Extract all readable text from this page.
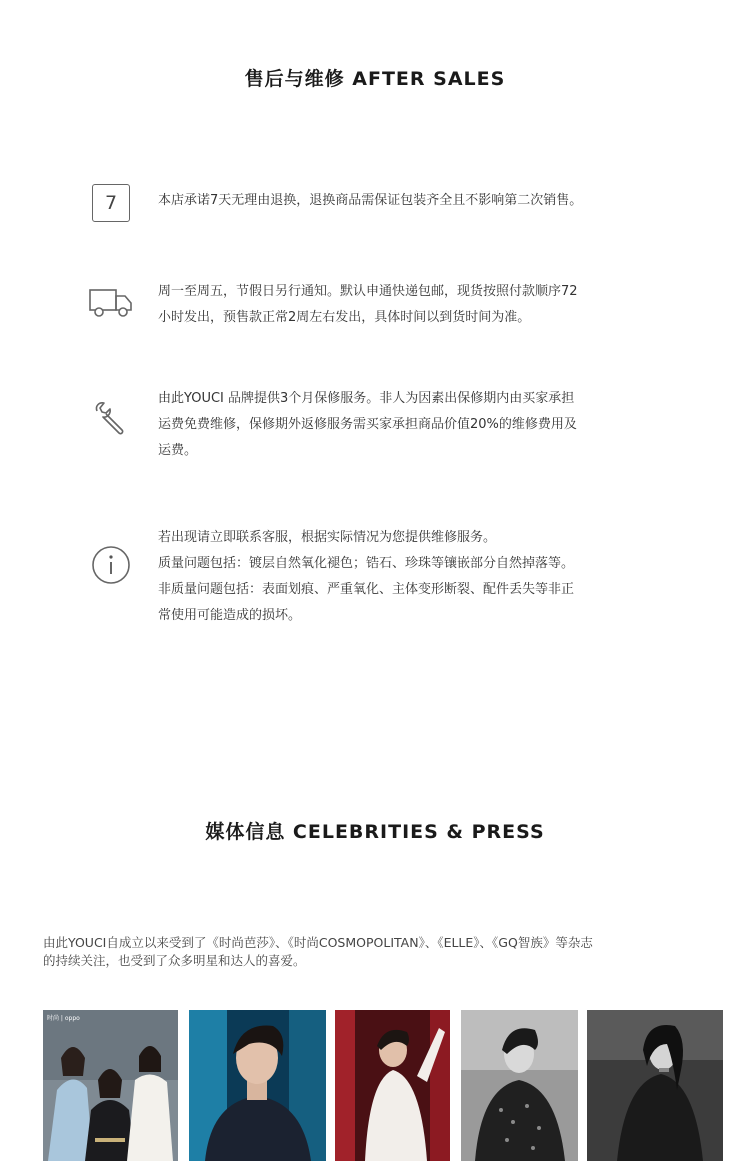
售后与维修 AFTER SALES
7	本店承诺7天无理由退换，退换商品需保证包装齐全且不影响第二次销售。

周一至周五，节假日另行通知。默认申通快递包邮，现货按照付款顺序72

小时发出，预售款正常2周左右发出，具体时间以到货时间为准。

由此YOUCI 品牌提供3个月保修服务。非人为因素出保修期内由买家承担

运费免费维修，保修期外返修服务需买家承担商品价值20%的维修费用及

运费。

若出现请立即联系客服，根据实际情况为您提供维修服务。

质量问题包括：镀层自然氧化褪色；锆石、珍珠等镶嵌部分自然掉落等。

非质量问题包括：表面划痕、严重氧化、主体变形断裂、配件丢失等非正

常使用可能造成的损坏。

媒体信息 CELEBRITIES & PRESS
由此YOUCI自成立以来受到了《时尚芭莎》、《时尚COSMOPOLITAN》、《ELLE》、《GQ智族》等杂志
的持续关注，也受到了众多明星和达人的喜爱。
时尚 | oppo
